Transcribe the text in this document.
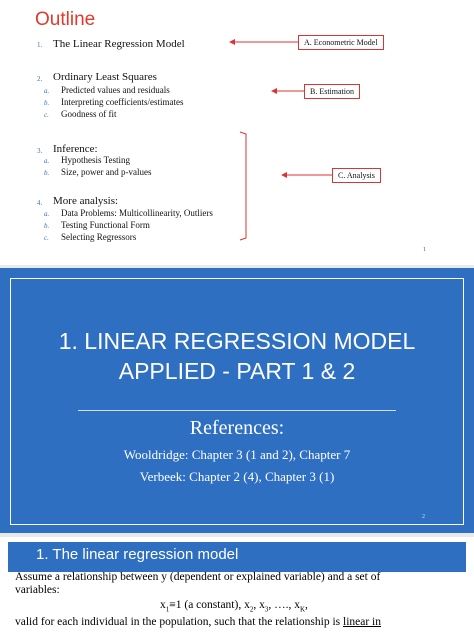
Outline
1. The Linear Regression Model
2. Ordinary Least Squares
a. Predicted values and residuals
b. Interpreting coefficients/estimates
c. Goodness of fit
3. Inference:
a. Hypothesis Testing
b. Size, power and p-values
4. More analysis:
a. Data Problems: Multicollinearity, Outliers
b. Testing Functional Form
c. Selecting Regressors
A. Econometric Model
B. Estimation
C. Analysis
1
1. LINEAR REGRESSION MODEL
APPLIED - PART 1 & 2
References:
Wooldridge: Chapter 3 (1 and 2), Chapter 7
Verbeek: Chapter 2 (4), Chapter 3 (1)
2
1. The linear regression model
Assume a relationship between y (dependent or explained variable) and a set of
variables:
$x_1\equiv 1$ (a constant), $x_2$, $x_3$, …., $x_K$,
valid for each individual in the population, such that the relationship is linear in
